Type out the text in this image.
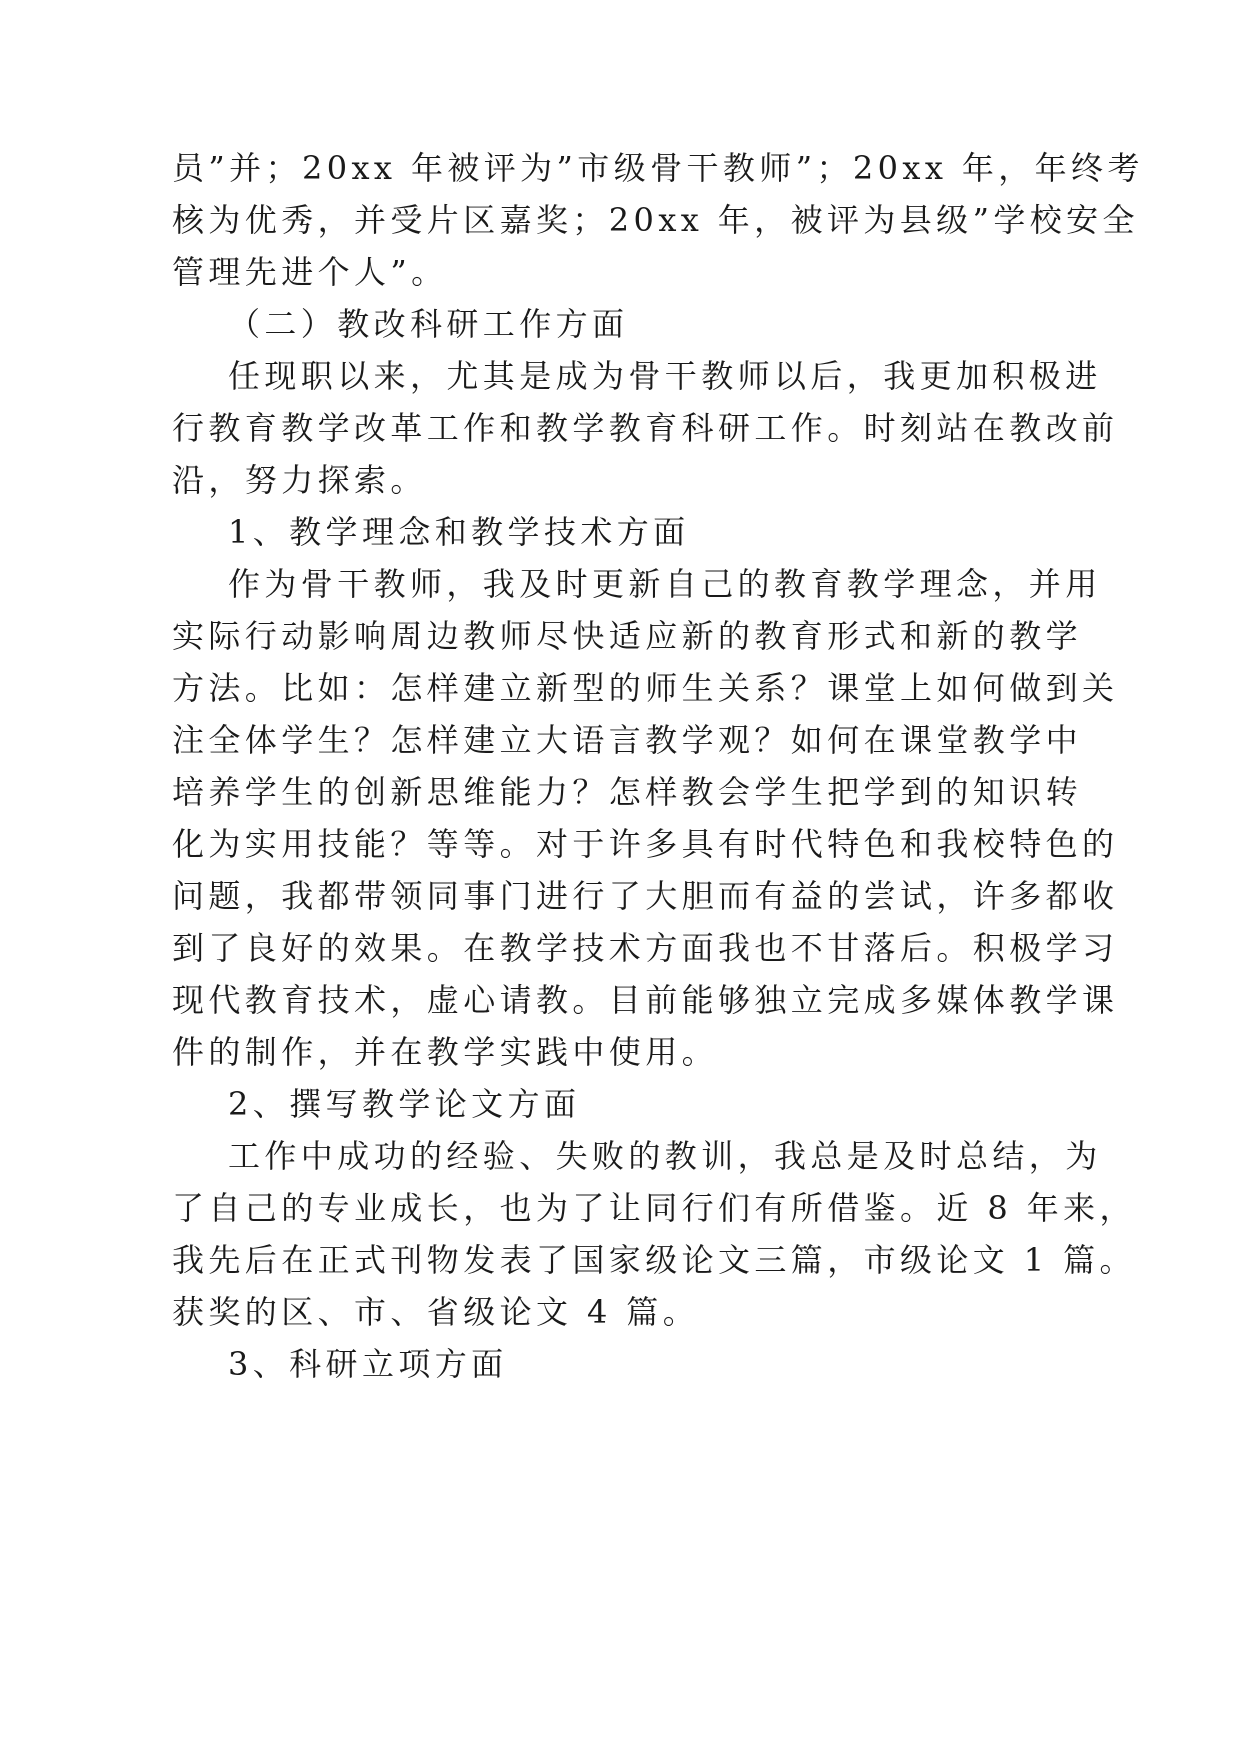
员”并；20xx 年被评为”市级骨干教师”；20xx 年，年终考
核为优秀，并受片区嘉奖；20xx 年，被评为县级”学校安全
管理先进个人”。
（二）教改科研工作方面
任现职以来，尤其是成为骨干教师以后，我更加积极进
行教育教学改革工作和教学教育科研工作。时刻站在教改前
沿，努力探索。
1、教学理念和教学技术方面
作为骨干教师，我及时更新自己的教育教学理念，并用
实际行动影响周边教师尽快适应新的教育形式和新的教学
方法。比如：怎样建立新型的师生关系？课堂上如何做到关
注全体学生？怎样建立大语言教学观？如何在课堂教学中
培养学生的创新思维能力？怎样教会学生把学到的知识转
化为实用技能？等等。对于许多具有时代特色和我校特色的
问题，我都带领同事门进行了大胆而有益的尝试，许多都收
到了良好的效果。在教学技术方面我也不甘落后。积极学习
现代教育技术，虚心请教。目前能够独立完成多媒体教学课
件的制作，并在教学实践中使用。
2、撰写教学论文方面
工作中成功的经验、失败的教训，我总是及时总结，为
了自己的专业成长，也为了让同行们有所借鉴。近 8 年来，
我先后在正式刊物发表了国家级论文三篇，市级论文 1 篇。
获奖的区、市、省级论文 4 篇。
3、科研立项方面
